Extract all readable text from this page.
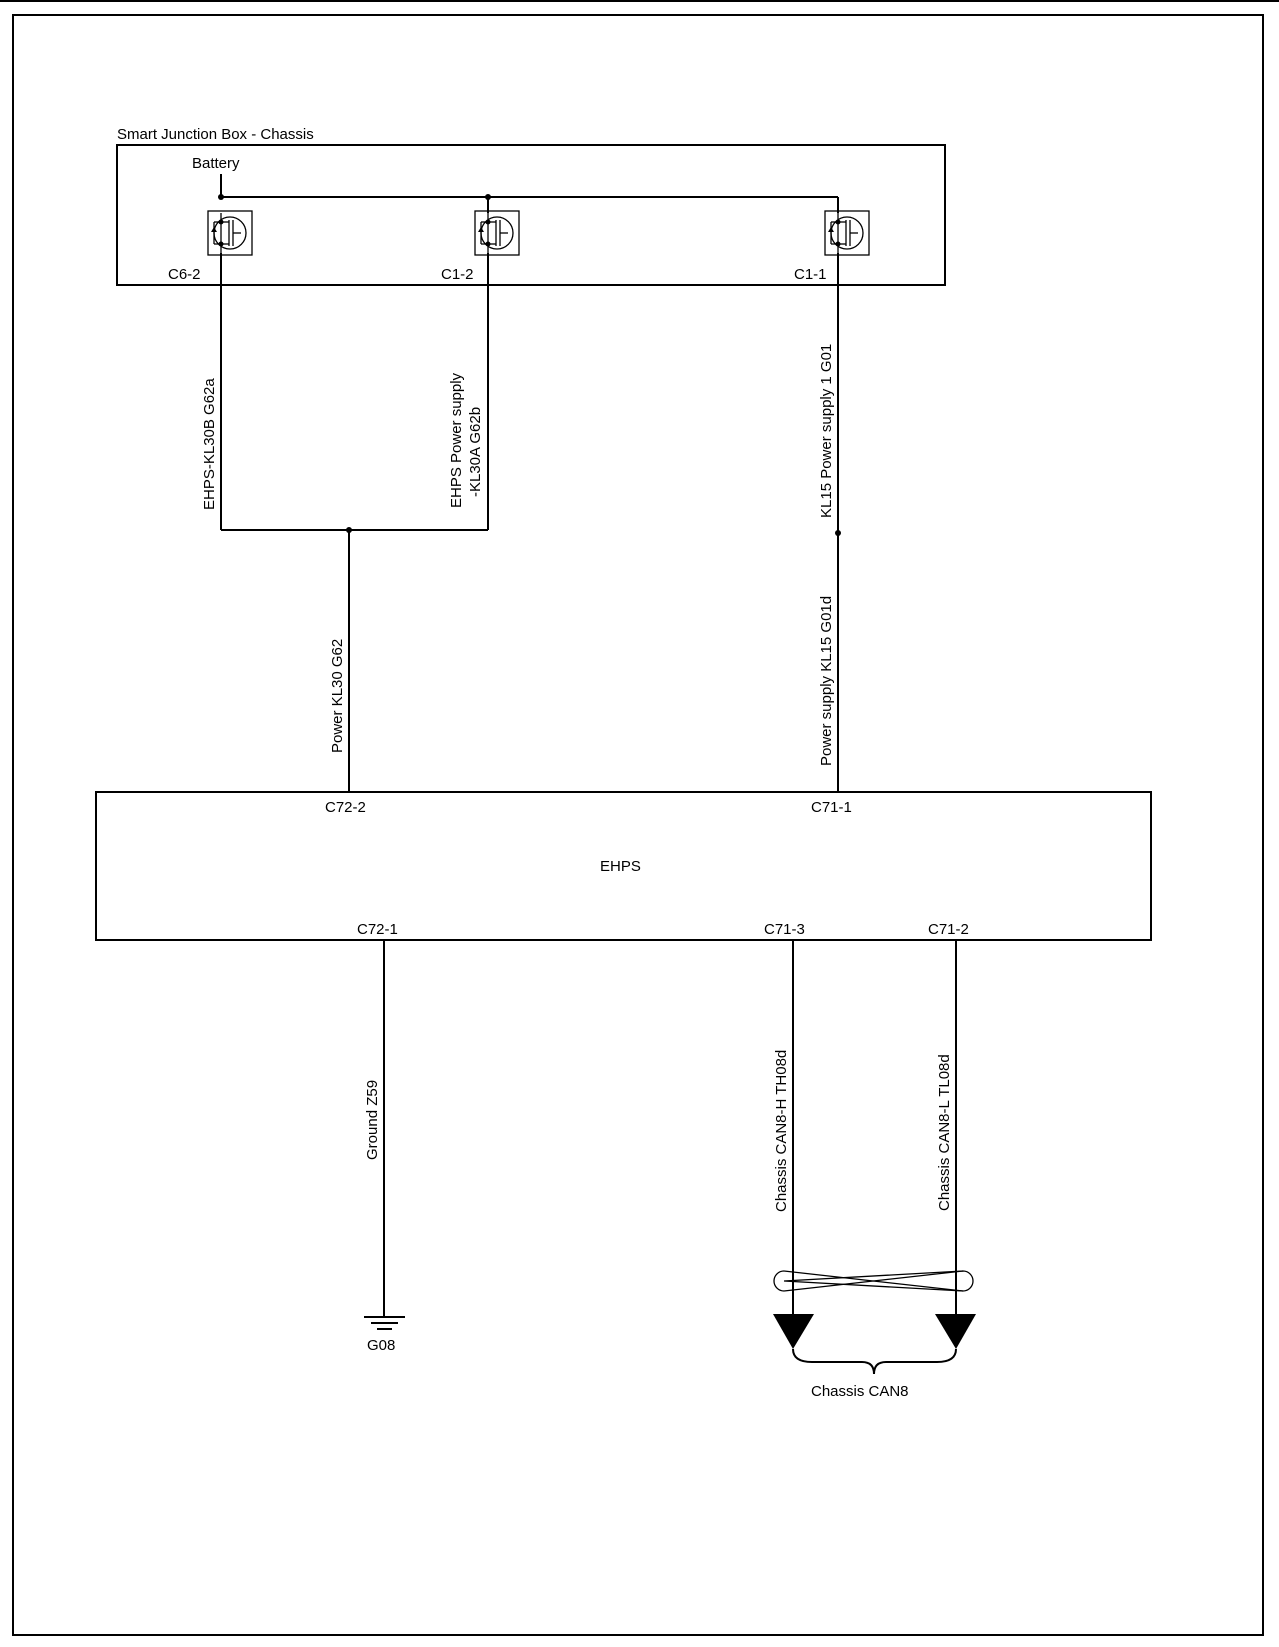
Smart Junction Box - Chassis
Battery
C6-2	C1-2	C1-1
EHPS-KL30B G62a	EHPS Power supply -KL30A G62b	KL15 Power supply 1 G01
Power KL30 G62	Power supply KL15 G01d
EHPS
C72-2	C71-1
C72-1	C71-3	C71-2
Ground Z59
G08
Chassis CAN8-H TH08d	Chassis CAN8-L TL08d
Chassis CAN8
